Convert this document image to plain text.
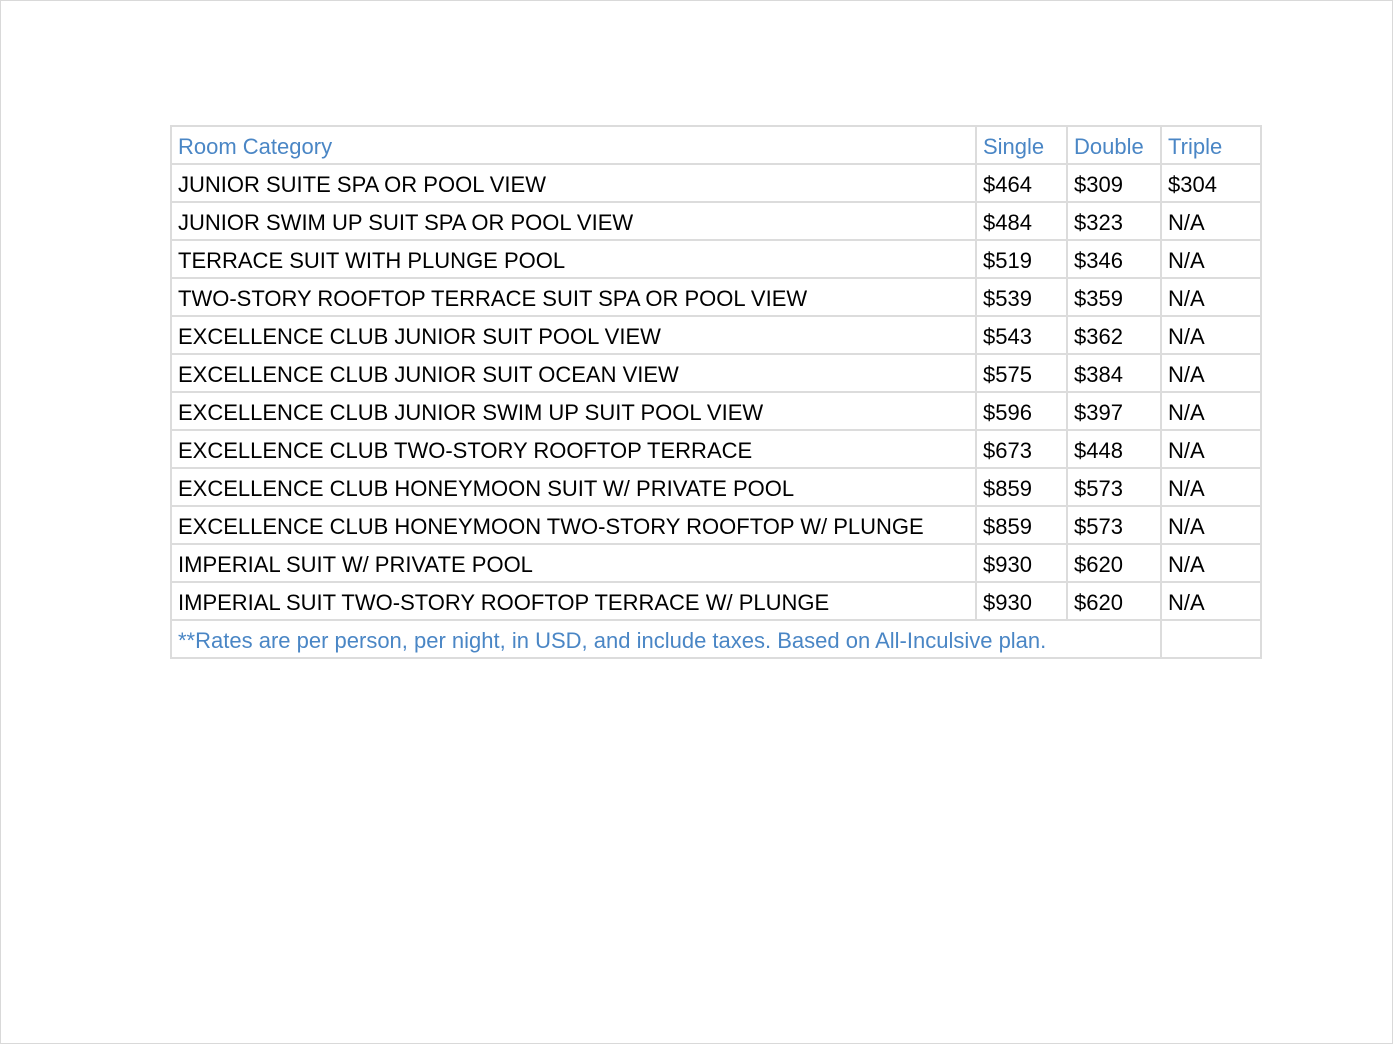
Room Category	Single	Double	Triple
JUNIOR SUITE SPA OR POOL VIEW	$464	$309	$304
JUNIOR SWIM UP SUIT SPA OR POOL VIEW	$484	$323	N/A
TERRACE SUIT WITH PLUNGE POOL	$519	$346	N/A
TWO-STORY ROOFTOP TERRACE SUIT SPA OR POOL VIEW	$539	$359	N/A
EXCELLENCE CLUB JUNIOR SUIT POOL VIEW	$543	$362	N/A
EXCELLENCE CLUB JUNIOR SUIT OCEAN VIEW	$575	$384	N/A
EXCELLENCE CLUB JUNIOR SWIM UP SUIT POOL VIEW	$596	$397	N/A
EXCELLENCE CLUB TWO-STORY ROOFTOP TERRACE	$673	$448	N/A
EXCELLENCE CLUB HONEYMOON SUIT W/ PRIVATE POOL	$859	$573	N/A
EXCELLENCE CLUB HONEYMOON TWO-STORY ROOFTOP W/ PLUNGE	$859	$573	N/A
IMPERIAL SUIT W/ PRIVATE POOL	$930	$620	N/A
IMPERIAL SUIT TWO-STORY ROOFTOP TERRACE W/ PLUNGE	$930	$620	N/A
**Rates are per person, per night, in USD, and include taxes. Based on All-Inculsive plan.			
